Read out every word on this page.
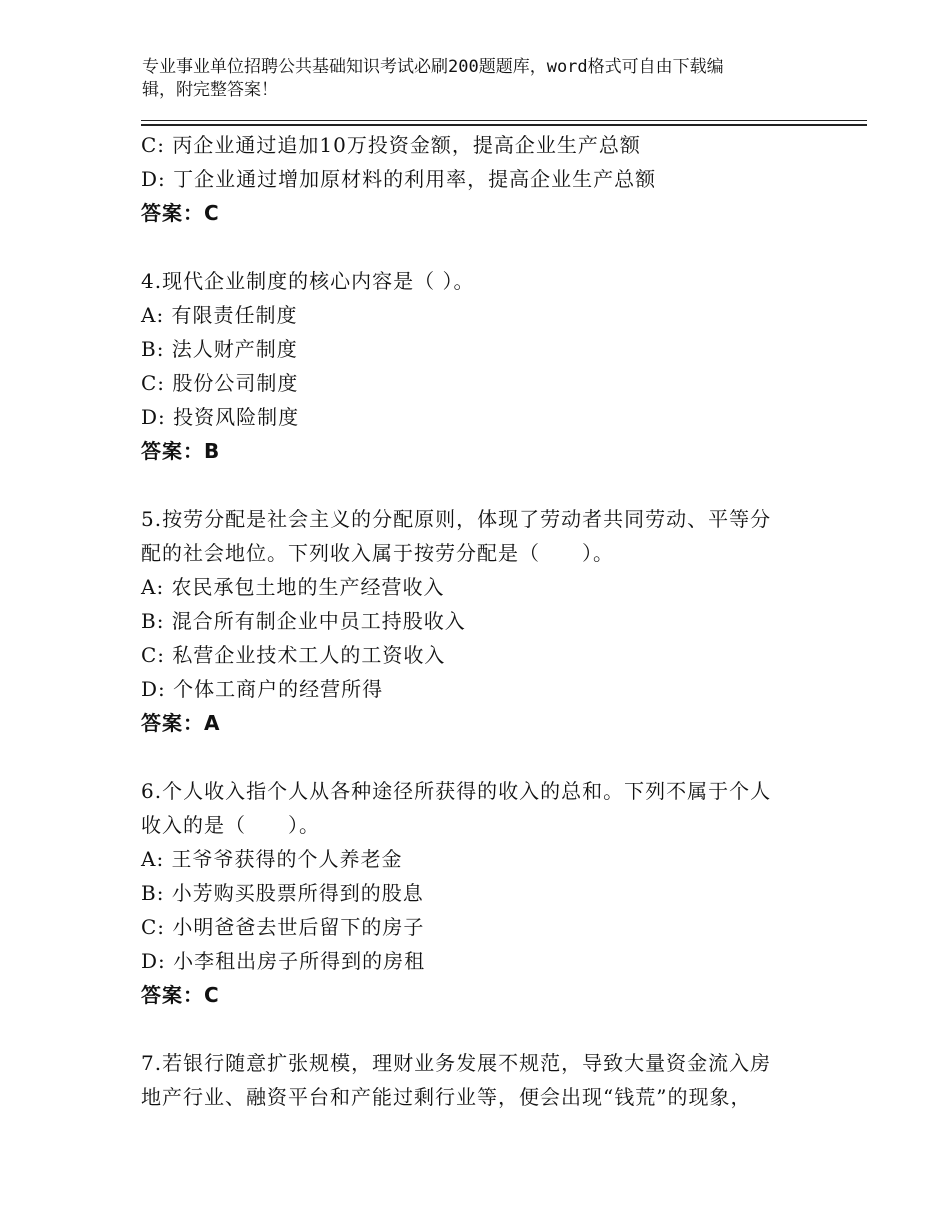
专业事业单位招聘公共基础知识考试必刷200题题库，word格式可自由下载编
辑，附完整答案！
C: 丙企业通过追加10万投资金额，提高企业生产总额
D: 丁企业通过增加原材料的利用率，提高企业生产总额
答案：C
4.现代企业制度的核心内容是（ ）。
A: 有限责任制度
B: 法人财产制度
C: 股份公司制度
D: 投资风险制度
答案：B
5.按劳分配是社会主义的分配原则，体现了劳动者共同劳动、平等分
配的社会地位。下列收入属于按劳分配是（　　）。
A: 农民承包土地的生产经营收入
B: 混合所有制企业中员工持股收入
C: 私营企业技术工人的工资收入
D: 个体工商户的经营所得
答案：A
6.个人收入指个人从各种途径所获得的收入的总和。下列不属于个人
收入的是（　　）。
A: 王爷爷获得的个人养老金
B: 小芳购买股票所得到的股息
C: 小明爸爸去世后留下的房子
D: 小李租出房子所得到的房租
答案：C
7.若银行随意扩张规模，理财业务发展不规范，导致大量资金流入房
地产行业、融资平台和产能过剩行业等，便会出现“钱荒”的现象，
